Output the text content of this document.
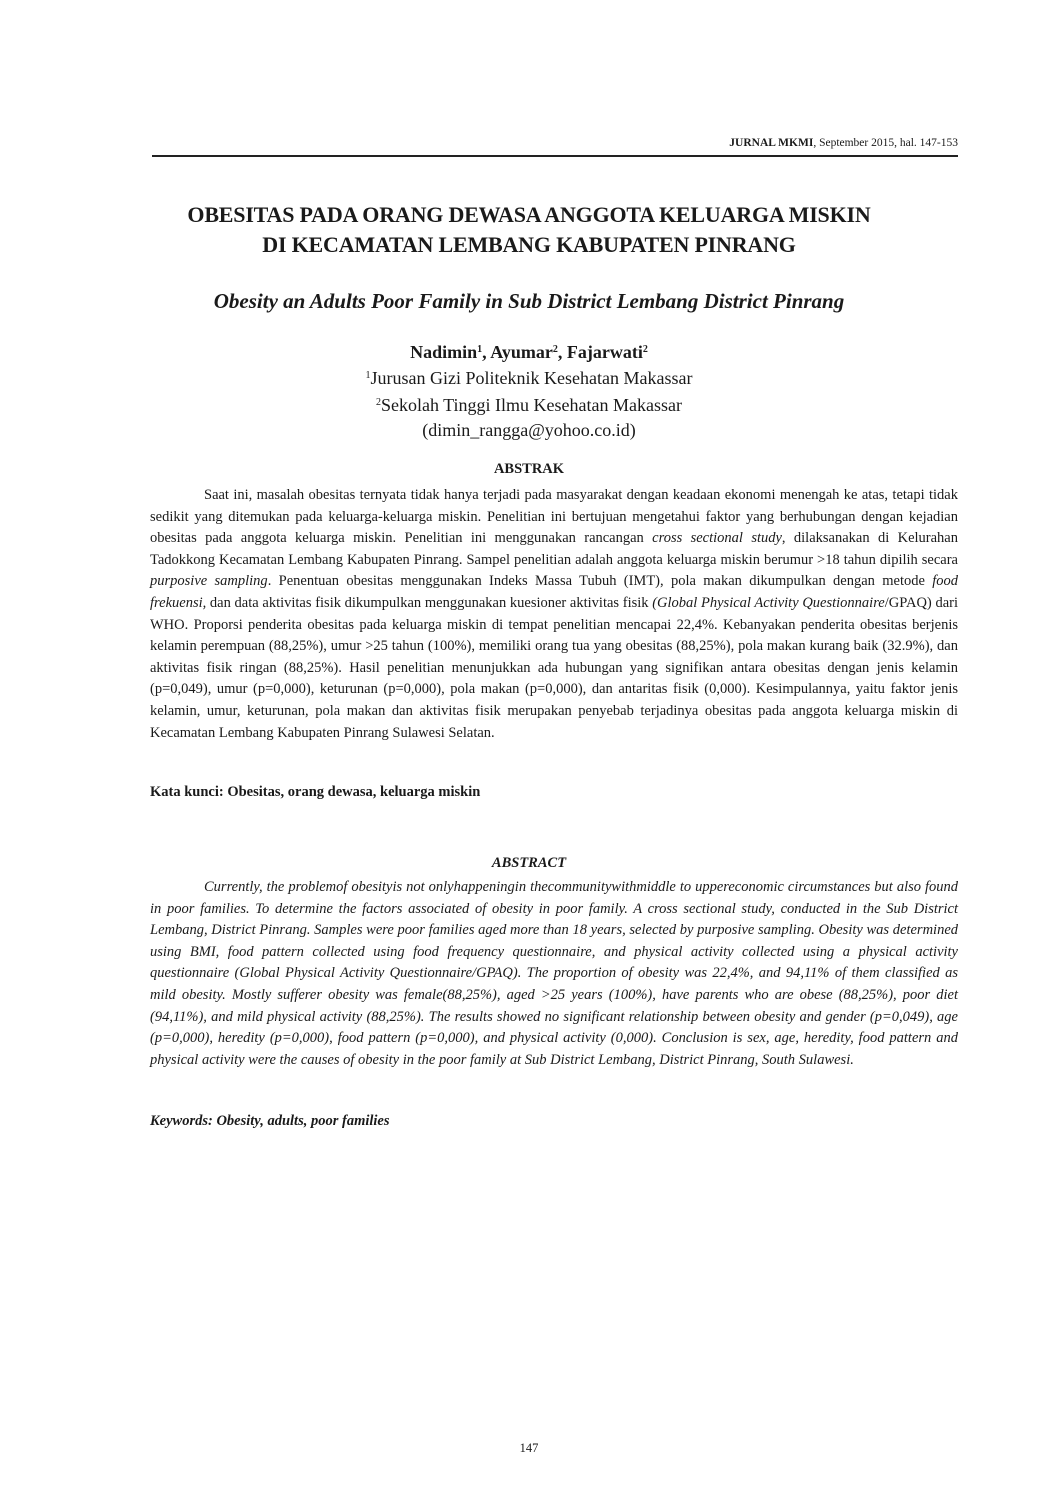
JURNAL MKMI, September 2015, hal. 147-153
OBESITAS PADA ORANG DEWASA ANGGOTA KELUARGA MISKIN
DI KECAMATAN LEMBANG KABUPATEN PINRANG
Obesity an Adults Poor Family in Sub District Lembang District Pinrang
Nadimin$^1$, Ayumar$^2$, Fajarwati$^2$
$^1$Jurusan Gizi Politeknik Kesehatan Makassar
$^2$Sekolah Tinggi Ilmu Kesehatan Makassar
(dimin_rangga@yohoo.co.id)
ABSTRAK

Saat ini, masalah obesitas ternyata tidak hanya terjadi pada masyarakat dengan keadaan ekonomi menengah ke atas, tetapi tidak sedikit yang ditemukan pada keluarga-keluarga miskin. Penelitian ini bertujuan mengetahui faktor yang berhubungan dengan kejadian obesitas pada anggota keluarga miskin. Penelitian ini menggunakan rancangan cross sectional study, dilaksanakan di Kelurahan Tadokkong Kecamatan Lembang Kabupaten Pinrang. Sampel penelitian adalah anggota keluarga miskin berumur >18 tahun dipilih secara purposive sampling. Penentuan obesitas menggunakan Indeks Massa Tubuh (IMT), pola makan dikumpulkan dengan metode food frekuensi, dan data aktivitas fisik dikumpulkan menggunakan kuesioner aktivitas fisik (Global Physical Activity Questionnaire/GPAQ) dari WHO. Proporsi penderita obesitas pada keluarga miskin di tempat penelitian mencapai 22,4%. Kebanyakan penderita obesitas berjenis kelamin perempuan (88,25%), umur >25 tahun (100%), memiliki orang tua yang obesitas (88,25%), pola makan kurang baik (32.9%), dan aktivitas fisik ringan (88,25%). Hasil penelitian menunjukkan ada hubungan yang signifikan antara obesitas dengan jenis kelamin (p=0,049), umur (p=0,000), keturunan (p=0,000), pola makan (p=0,000), dan antaritas fisik (0,000). Kesimpulannya, yaitu faktor jenis kelamin, umur, keturunan, pola makan dan aktivitas fisik merupakan penyebab terjadinya obesitas pada anggota keluarga miskin di Kecamatan Lembang Kabupaten Pinrang Sulawesi Selatan.

Kata kunci: Obesitas, orang dewasa, keluarga miskin
ABSTRACT

Currently, the problemof obesityis not onlyhappeningin thecommunitywithmiddle to uppereconomic circumstances but also found in poor families. To determine the factors associated of obesity in poor family. A cross sectional study, conducted in the Sub District Lembang, District Pinrang. Samples were poor families aged more than 18 years, selected by purposive sampling. Obesity was determined using BMI, food pattern collected using food frequency questionnaire, and physical activity collected using a physical activity questionnaire (Global Physical Activity Questionnaire/GPAQ). The proportion of obesity was 22,4%, and 94,11% of them classified as mild obesity. Mostly sufferer obesity was female(88,25%), aged >25 years (100%), have parents who are obese (88,25%), poor diet (94,11%), and mild physical activity (88,25%). The results showed no significant relationship between obesity and gender (p=0,049), age (p=0,000), heredity (p=0,000), food pattern (p=0,000), and physical activity (0,000). Conclusion is sex, age, heredity, food pattern and physical activity were the causes of obesity in the poor family at Sub District Lembang, District Pinrang, South Sulawesi.

Keywords: Obesity, adults, poor families
147
